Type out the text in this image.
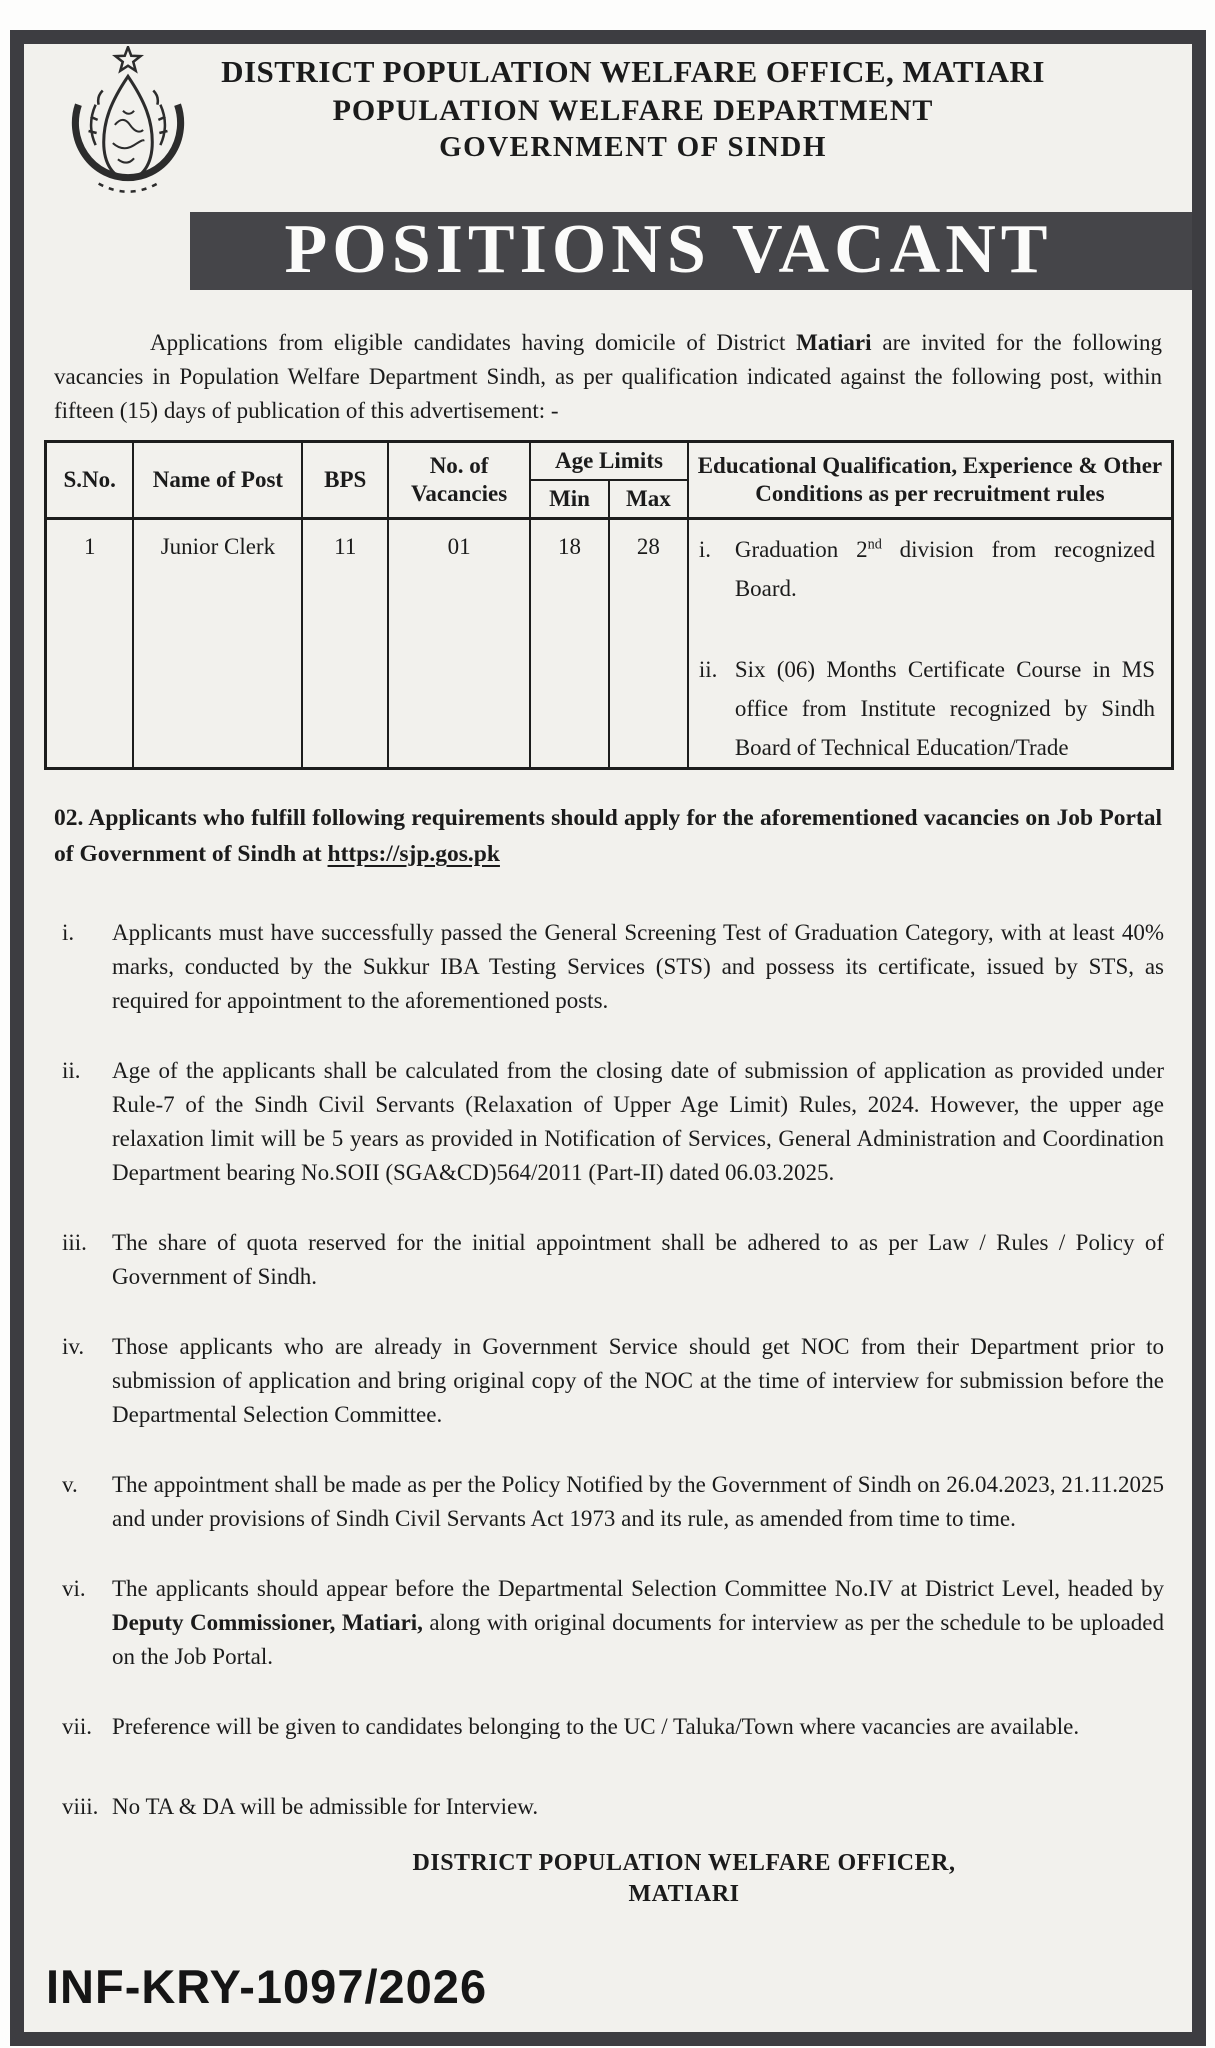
DISTRICT POPULATION WELFARE OFFICE, MATIARI
POPULATION WELFARE DEPARTMENT
GOVERNMENT OF SINDH
POSITIONS VACANT

Applications from eligible candidates having domicile of District Matiari are invited for the following vacancies in Population Welfare Department Sindh, as per qualification indicated against the following post, within fifteen (15) days of publication of this advertisement: -

S.No.	Name of Post	BPS	No. of Vacancies	Age Limits		Educational Qualification, Experience & Other Conditions as per recruitment rules
				Min	Max	
1	Junior Clerk	11	01	18	28	i. Graduation 2nd division from recognized Board.
ii. Six (06) Months Certificate Course in MS office from Institute recognized by Sindh Board of Technical Education/Trade

02. Applicants who fulfill following requirements should apply for the aforementioned vacancies on Job Portal of Government of Sindh at https://sjp.gos.pk

i.	Applicants must have successfully passed the General Screening Test of Graduation Category, with at least 40% marks, conducted by the Sukkur IBA Testing Services (STS) and possess its certificate, issued by STS, as required for appointment to the aforementioned posts.
ii.	Age of the applicants shall be calculated from the closing date of submission of application as provided under Rule-7 of the Sindh Civil Servants (Relaxation of Upper Age Limit) Rules, 2024. However, the upper age relaxation limit will be 5 years as provided in Notification of Services, General Administration and Coordination Department bearing No.SOII (SGA&CD)564/2011 (Part-II) dated 06.03.2025.
iii.	The share of quota reserved for the initial appointment shall be adhered to as per Law / Rules / Policy of Government of Sindh.
iv.	Those applicants who are already in Government Service should get NOC from their Department prior to submission of application and bring original copy of the NOC at the time of interview for submission before the Departmental Selection Committee.
v.	The appointment shall be made as per the Policy Notified by the Government of Sindh on 26.04.2023, 21.11.2025 and under provisions of Sindh Civil Servants Act 1973 and its rule, as amended from time to time.
vi.	The applicants should appear before the Departmental Selection Committee No.IV at District Level, headed by Deputy Commissioner, Matiari, along with original documents for interview as per the schedule to be uploaded on the Job Portal.
vii. Preference will be given to candidates belonging to the UC / Taluka/Town where vacancies are available.
viii. No TA & DA will be admissible for Interview.
DISTRICT POPULATION WELFARE OFFICER,
MATIARI
INF-KRY-1097/2026
